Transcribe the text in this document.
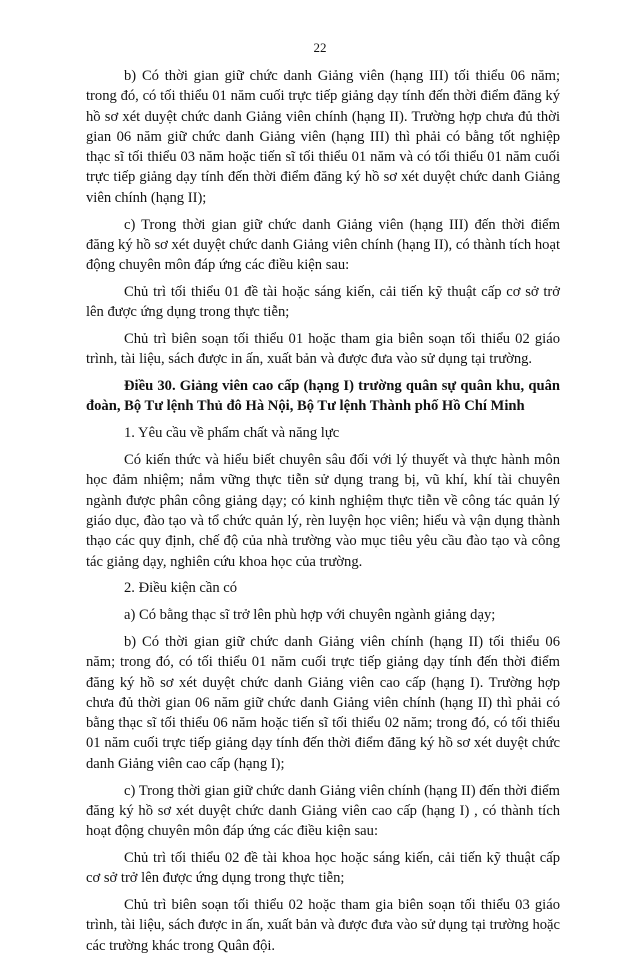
22

b) Có thời gian giữ chức danh Giảng viên (hạng III) tối thiểu 06 năm; trong đó, có tối thiểu 01 năm cuối trực tiếp giảng dạy tính đến thời điểm đăng ký hồ sơ xét duyệt chức danh Giảng viên chính (hạng II). Trường hợp chưa đủ thời gian 06 năm giữ chức danh Giảng viên (hạng III) thì phải có bằng tốt nghiệp thạc sĩ tối thiểu 03 năm hoặc tiến sĩ tối thiểu 01 năm và có tối thiểu 01 năm cuối trực tiếp giảng dạy tính đến thời điểm đăng ký hồ sơ xét duyệt chức danh Giảng viên chính (hạng II);

c) Trong thời gian giữ chức danh Giảng viên (hạng III) đến thời điểm đăng ký hồ sơ xét duyệt chức danh Giảng viên chính (hạng II), có thành tích hoạt động chuyên môn đáp ứng các điều kiện sau:

Chủ trì tối thiểu 01 đề tài hoặc sáng kiến, cải tiến kỹ thuật cấp cơ sở trở lên được ứng dụng trong thực tiễn;

Chủ trì biên soạn tối thiểu 01 hoặc tham gia biên soạn tối thiểu 02 giáo trình, tài liệu, sách được in ấn, xuất bản và được đưa vào sử dụng tại trường.

Điều 30. Giảng viên cao cấp (hạng I) trường quân sự quân khu, quân đoàn, Bộ Tư lệnh Thủ đô Hà Nội, Bộ Tư lệnh Thành phố Hồ Chí Minh

1. Yêu cầu về phẩm chất và năng lực

Có kiến thức và hiểu biết chuyên sâu đối với lý thuyết và thực hành môn học đảm nhiệm; nắm vững thực tiễn sử dụng trang bị, vũ khí, khí tài chuyên ngành được phân công giảng dạy; có kinh nghiệm thực tiễn về công tác quản lý giáo dục, đào tạo và tổ chức quản lý, rèn luyện học viên; hiểu và vận dụng thành thạo các quy định, chế độ của nhà trường vào mục tiêu yêu cầu đào tạo và công tác giảng dạy, nghiên cứu khoa học của trường.

2. Điều kiện cần có

a) Có bằng thạc sĩ trở lên phù hợp với chuyên ngành giảng dạy;

b) Có thời gian giữ chức danh Giảng viên chính (hạng II) tối thiểu 06 năm; trong đó, có tối thiểu 01 năm cuối trực tiếp giảng dạy tính đến thời điểm đăng ký hồ sơ xét duyệt chức danh Giảng viên cao cấp (hạng I). Trường hợp chưa đủ thời gian 06 năm giữ chức danh Giảng viên chính (hạng II) thì phải có bằng thạc sĩ tối thiểu 06 năm hoặc tiến sĩ tối thiểu 02 năm; trong đó, có tối thiểu 01 năm cuối trực tiếp giảng dạy tính đến thời điểm đăng ký hồ sơ xét duyệt chức danh Giảng viên cao cấp (hạng I);

c) Trong thời gian giữ chức danh Giảng viên chính (hạng II) đến thời điểm đăng ký hồ sơ xét duyệt chức danh Giảng viên cao cấp (hạng I) , có thành tích hoạt động chuyên môn đáp ứng các điều kiện sau:

Chủ trì tối thiểu 02 đề tài khoa học hoặc sáng kiến, cải tiến kỹ thuật cấp cơ sở trở lên được ứng dụng trong thực tiễn;

Chủ trì biên soạn tối thiểu 02 hoặc tham gia biên soạn tối thiểu 03 giáo trình, tài liệu, sách được in ấn, xuất bản và được đưa vào sử dụng tại trường hoặc các trường khác trong Quân đội.
